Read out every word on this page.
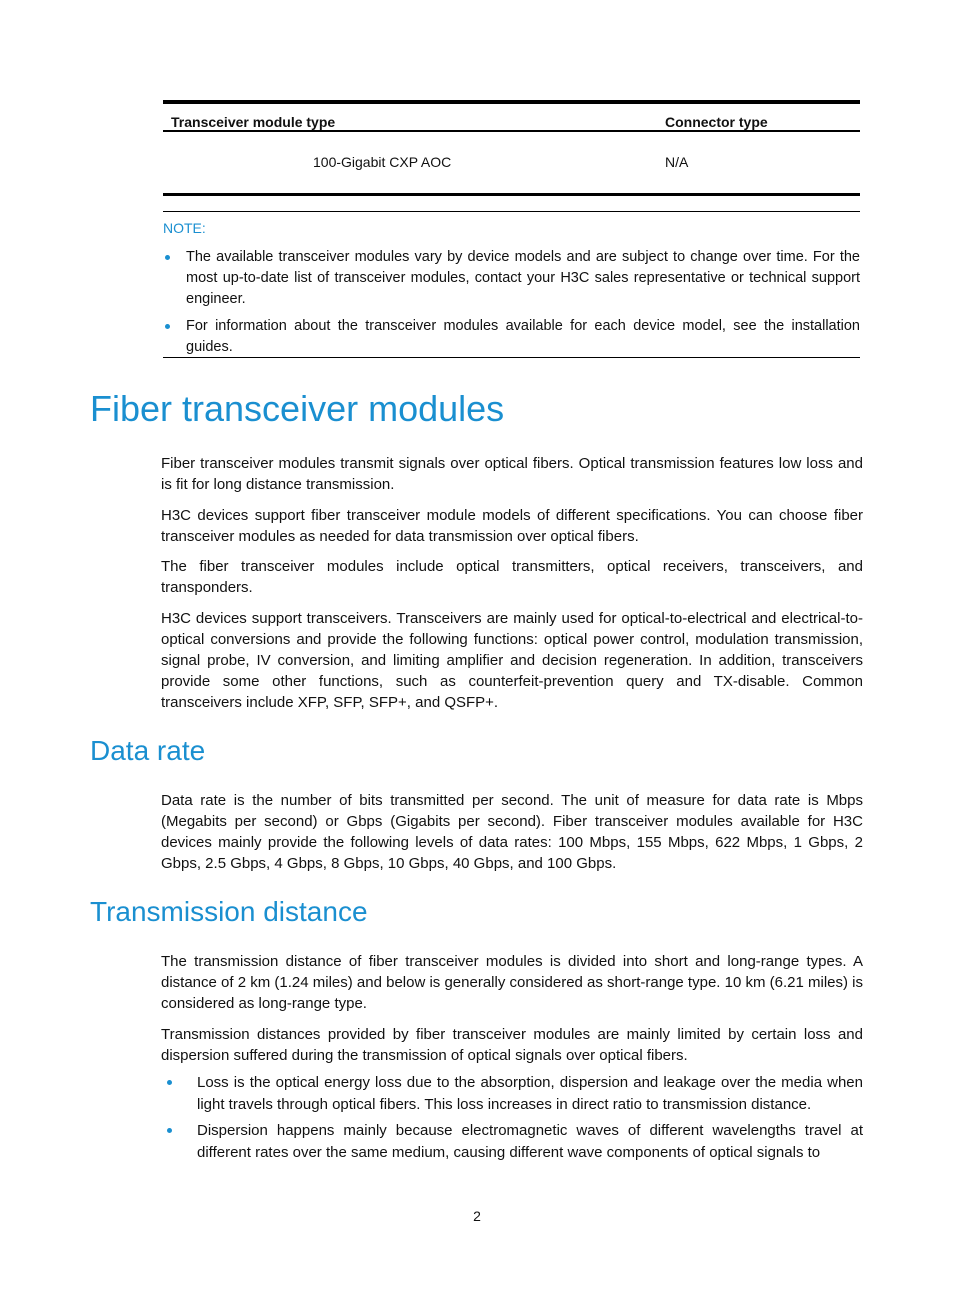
Transceiver module type	Connector type
100-Gigabit CXP AOC	N/A
NOTE:
The available transceiver modules vary by device models and are subject to change over time. For the most up-to-date list of transceiver modules, contact your H3C sales representative or technical support engineer.
For information about the transceiver modules available for each device model, see the installation guides.
Fiber transceiver modules

Fiber transceiver modules transmit signals over optical fibers. Optical transmission features low loss and is fit for long distance transmission.

H3C devices support fiber transceiver module models of different specifications. You can choose fiber transceiver modules as needed for data transmission over optical fibers.

The fiber transceiver modules include optical transmitters, optical receivers, transceivers, and transponders.

H3C devices support transceivers. Transceivers are mainly used for optical-to-electrical and electrical-to-optical conversions and provide the following functions: optical power control, modulation transmission, signal probe, IV conversion, and limiting amplifier and decision regeneration. In addition, transceivers provide some other functions, such as counterfeit-prevention query and TX-disable. Common transceivers include XFP, SFP, SFP+, and QSFP+.

Data rate

Data rate is the number of bits transmitted per second. The unit of measure for data rate is Mbps (Megabits per second) or Gbps (Gigabits per second). Fiber transceiver modules available for H3C devices mainly provide the following levels of data rates: 100 Mbps, 155 Mbps, 622 Mbps, 1 Gbps, 2 Gbps, 2.5 Gbps, 4 Gbps, 8 Gbps, 10 Gbps, 40 Gbps, and 100 Gbps.

Transmission distance

The transmission distance of fiber transceiver modules is divided into short and long-range types. A distance of 2 km (1.24 miles) and below is generally considered as short-range type. 10 km (6.21 miles) is considered as long-range type.

Transmission distances provided by fiber transceiver modules are mainly limited by certain loss and dispersion suffered during the transmission of optical signals over optical fibers.

Loss is the optical energy loss due to the absorption, dispersion and leakage over the media when light travels through optical fibers. This loss increases in direct ratio to transmission distance.
Dispersion happens mainly because electromagnetic waves of different wavelengths travel at different rates over the same medium, causing different wave components of optical signals to
2
